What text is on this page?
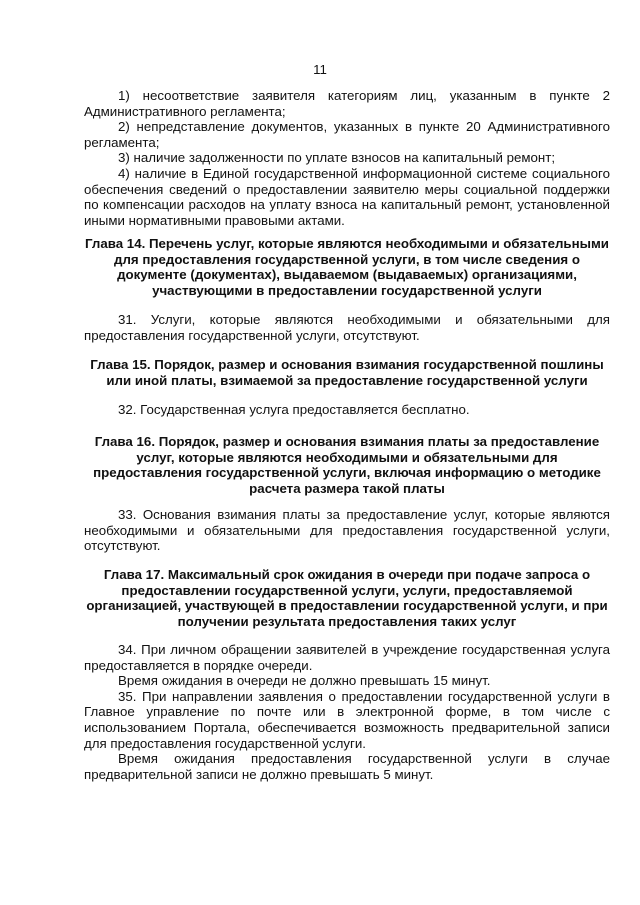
11

1) несоответствие заявителя категориям лиц, указанным в пункте 2 Административного регламента;

2) непредставление документов, указанных в пункте 20 Административного регламента;

3) наличие задолженности по уплате взносов на капитальный ремонт;

4) наличие в Единой государственной информационной системе социального обеспечения сведений о предоставлении заявителю меры социальной поддержки по компенсации расходов на уплату взноса на капитальный ремонт, установленной иными нормативными правовыми актами.

Глава 14. Перечень услуг, которые являются необходимыми и обязательными для предоставления государственной услуги, в том числе сведения о документе (документах), выдаваемом (выдаваемых) организациями, участвующими в предоставлении государственной услуги

31. Услуги, которые являются необходимыми и обязательными для предоставления государственной услуги, отсутствуют.

Глава 15. Порядок, размер и основания взимания государственной пошлины или иной платы, взимаемой за предоставление государственной услуги

32. Государственная услуга предоставляется бесплатно.

Глава 16. Порядок, размер и основания взимания платы за предоставление услуг, которые являются необходимыми и обязательными для предоставления государственной услуги, включая информацию о методике расчета размера такой платы

33. Основания взимания платы за предоставление услуг, которые являются необходимыми и обязательными для предоставления государственной услуги, отсутствуют.

Глава 17. Максимальный срок ожидания в очереди при подаче запроса о предоставлении государственной услуги, услуги, предоставляемой организацией, участвующей в предоставлении государственной услуги, и при получении результата предоставления таких услуг

34. При личном обращении заявителей в учреждение государственная услуга предоставляется в порядке очереди.

Время ожидания в очереди не должно превышать 15 минут.

35. При направлении заявления о предоставлении государственной услуги в Главное управление по почте или в электронной форме, в том числе с использованием Портала, обеспечивается возможность предварительной записи для предоставления государственной услуги.

Время ожидания предоставления государственной услуги в случае предварительной записи не должно превышать 5 минут.
